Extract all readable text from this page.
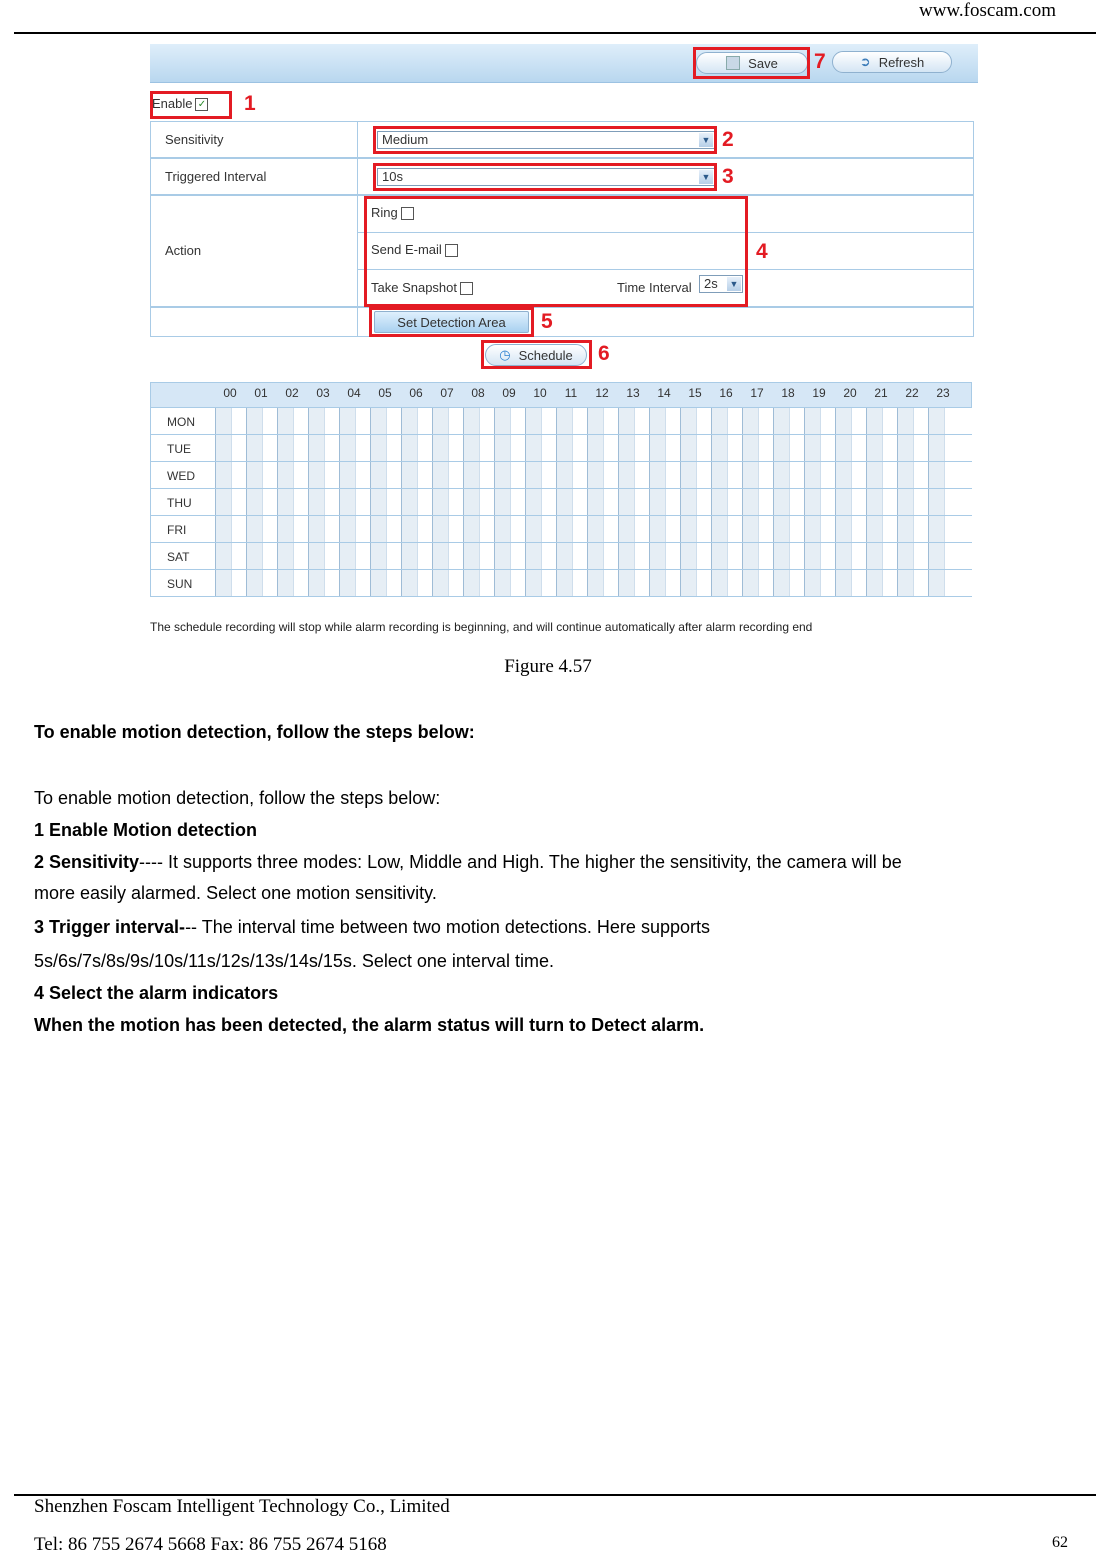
www.foscam.com
Save 7	➲ Refresh
Enable ✓ 1
Sensitivity	Medium	▼ 2
Triggered Interval	10s	▼ 3
Action
Ring
Send E-mail
Take Snapshot	Time Interval 2s ▼
4
Set Detection Area 5
◷ Schedule 6
00	01	02	03	04	05	06	07	08	09	10	11	12	13	14	15	16	17	18	19	20	21	22	23
MON
TUE
WED
THU
FRI
SAT
SUN
The schedule recording will stop while alarm recording is beginning, and will continue automatically after alarm recording end
Figure 4.57
To enable motion detection, follow the steps below:
To enable motion detection, follow the steps below:
1 Enable Motion detection
2 Sensitivity---- It supports three modes: Low, Middle and High. The higher the sensitivity, the camera will be
more easily alarmed. Select one motion sensitivity.
3 Trigger interval--- The interval time between two motion detections. Here supports
5s/6s/7s/8s/9s/10s/11s/12s/13s/14s/15s. Select one interval time.
4 Select the alarm indicators
When the motion has been detected, the alarm status will turn to Detect alarm.
Shenzhen Foscam Intelligent Technology Co., Limited
Tel: 86 755 2674 5668 Fax: 86 755 2674 5168	62
